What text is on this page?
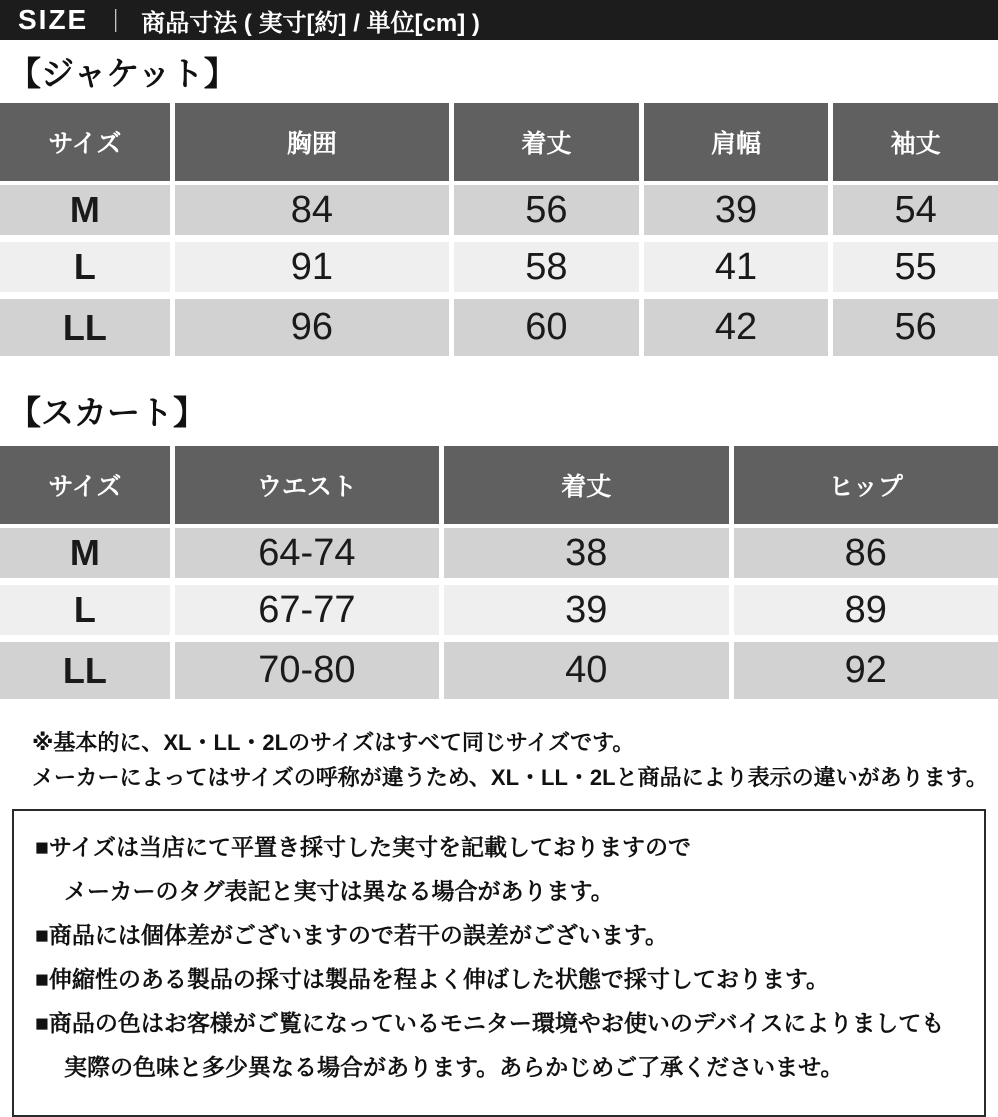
SIZE ｜ 商品寸法 ( 実寸[約] / 単位[cm] )
【ジャケット】
サイズ	胸囲	着丈	肩幅	袖丈
M	84	56	39	54
L	91	58	41	55
LL	96	60	42	56
【スカート】
サイズ	ウエスト	着丈	ヒップ
M	64-74	38	86
L	67-77	39	89
LL	70-80	40	92
※基本的に、XL・LL・2Lのサイズはすべて同じサイズです。
メーカーによってはサイズの呼称が違うため、XL・LL・2Lと商品により表示の違いがあります。
■サイズは当店にて平置き採寸した実寸を記載しておりますので
メーカーのタグ表記と実寸は異なる場合があります。
■商品には個体差がございますので若干の誤差がございます。
■伸縮性のある製品の採寸は製品を程よく伸ばした状態で採寸しております。
■商品の色はお客様がご覧になっているモニター環境やお使いのデバイスによりましても
実際の色味と多少異なる場合があります。あらかじめご了承くださいませ。
